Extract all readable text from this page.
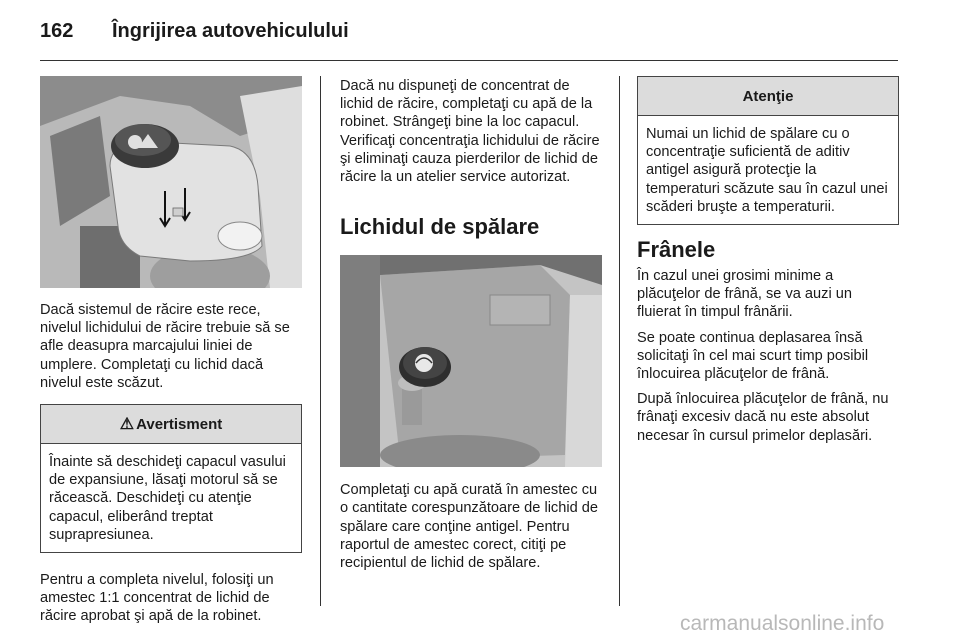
162 Îngrijirea autovehiculului

Dacă sistemul de răcire este rece, nivelul lichidului de răcire trebuie să se afle deasupra marcajului liniei de umplere. Completaţi cu lichid dacă nivelul este scăzut.

⚠ Avertisment
Înainte să deschideţi capacul vasului de expansiune, lăsaţi motorul să se răcească. Deschideţi cu atenţie capacul, eliberând treptat suprapresiunea.

Pentru a completa nivelul, folosiţi un amestec 1:1 concentrat de lichid de răcire aprobat şi apă de la robinet.

Dacă nu dispuneţi de concentrat de lichid de răcire, completaţi cu apă de la robinet. Strângeţi bine la loc capacul. Verificaţi concentraţia lichidului de răcire şi eliminaţi cauza pierderilor de lichid de răcire la un atelier service autorizat.

Lichidul de spălare

Completaţi cu apă curată în amestec cu o cantitate corespunzătoare de lichid de spălare care conţine antigel. Pentru raportul de amestec corect, citiţi pe recipientul de lichid de spălare.

Atenţie
Numai un lichid de spălare cu o concentraţie suficientă de aditiv antigel asigură protecţie la temperaturi scăzute sau în cazul unei scăderi bruşte a temperaturii.
Frânele

În cazul unei grosimi minime a plăcuţelor de frână, se va auzi un fluierat în timpul frânării.

Se poate continua deplasarea însă solicitaţi în cel mai scurt timp posibil înlocuirea plăcuţelor de frână.

După înlocuirea plăcuţelor de frână, nu frânaţi excesiv dacă nu este absolut necesar în cursul primelor deplasări.

carmanualsonline.info
